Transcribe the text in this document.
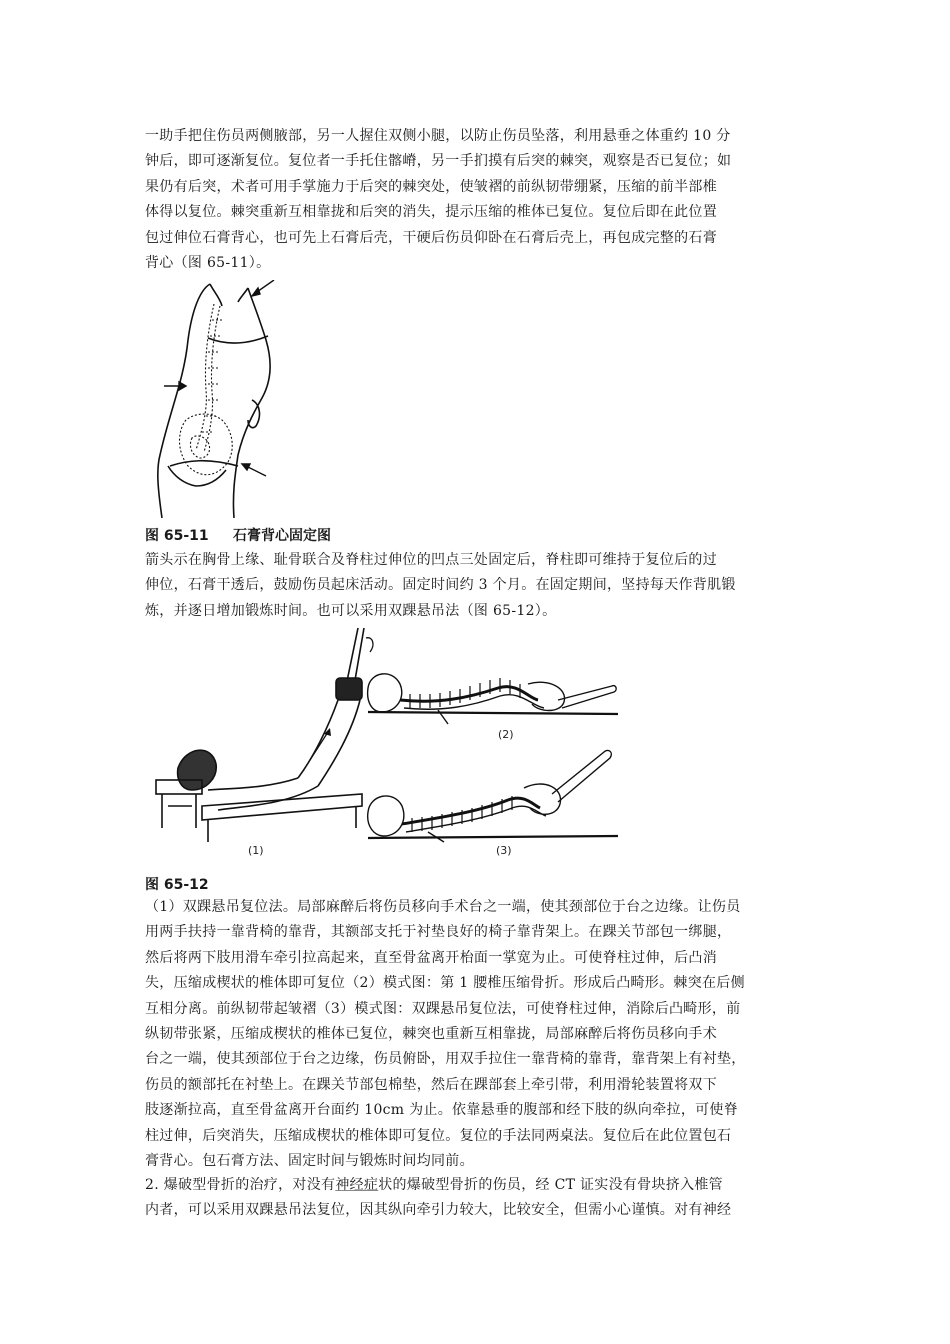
一助手把住伤员两侧腋部，另一人握住双侧小腿，以防止伤员坠落，利用悬垂之体重约 10 分
钟后，即可逐渐复位。复位者一手托住髂嵴，另一手扪摸有后突的棘突，观察是否已复位；如
果仍有后突，术者可用手掌施力于后突的棘突处，使皱褶的前纵韧带绷紧，压缩的前半部椎
体得以复位。棘突重新互相靠拢和后突的消失，提示压缩的椎体已复位。复位后即在此位置
包过伸位石膏背心，也可先上石膏后壳，干硬后伤员仰卧在石膏后壳上，再包成完整的石膏
背心（图 65-11）。
图 65-11     石膏背心固定图
箭头示在胸骨上缘、耻骨联合及脊柱过伸位的凹点三处固定后，脊柱即可维持于复位后的过
伸位，石膏干透后，鼓励伤员起床活动。固定时间约 3 个月。在固定期间，坚持每天作背肌锻
炼，并逐日增加锻炼时间。也可以采用双踝悬吊法（图 65-12）。
(2)
(3)
(1)
图 65-12
（1）双踝悬吊复位法。局部麻醉后将伤员移向手术台之一端，使其颈部位于台之边缘。让伤员
用两手扶持一靠背椅的靠背，其额部支托于衬垫良好的椅子靠背架上。在踝关节部包一绑腿，
然后将两下肢用滑车牵引拉高起来，直至骨盆离开枱面一掌宽为止。可使脊柱过伸，后凸消
失，压缩成楔状的椎体即可复位（2）模式图：第 1 腰椎压缩骨折。形成后凸畸形。棘突在后侧
互相分离。前纵韧带起皱褶（3）模式图：双踝悬吊复位法，可使脊柱过伸，消除后凸畸形，前
纵韧带张紧，压缩成楔状的椎体已复位，棘突也重新互相靠拢，局部麻醉后将伤员移向手术
台之一端，使其颈部位于台之边缘，伤员俯卧，用双手拉住一靠背椅的靠背，靠背架上有衬垫，
伤员的额部托在衬垫上。在踝关节部包棉垫，然后在踝部套上牵引带，利用滑轮装置将双下
肢逐渐拉高，直至骨盆离开台面约 10cm 为止。依靠悬垂的腹部和经下肢的纵向牵拉，可使脊
柱过伸，后突消失，压缩成楔状的椎体即可复位。复位的手法同两桌法。复位后在此位置包石
膏背心。包石膏方法、固定时间与锻炼时间均同前。
2. 爆破型骨折的治疗，对没有神经症状的爆破型骨折的伤员，经 CT 证实没有骨块挤入椎管
内者，可以采用双踝悬吊法复位，因其纵向牵引力较大，比较安全，但需小心谨慎。对有神经
